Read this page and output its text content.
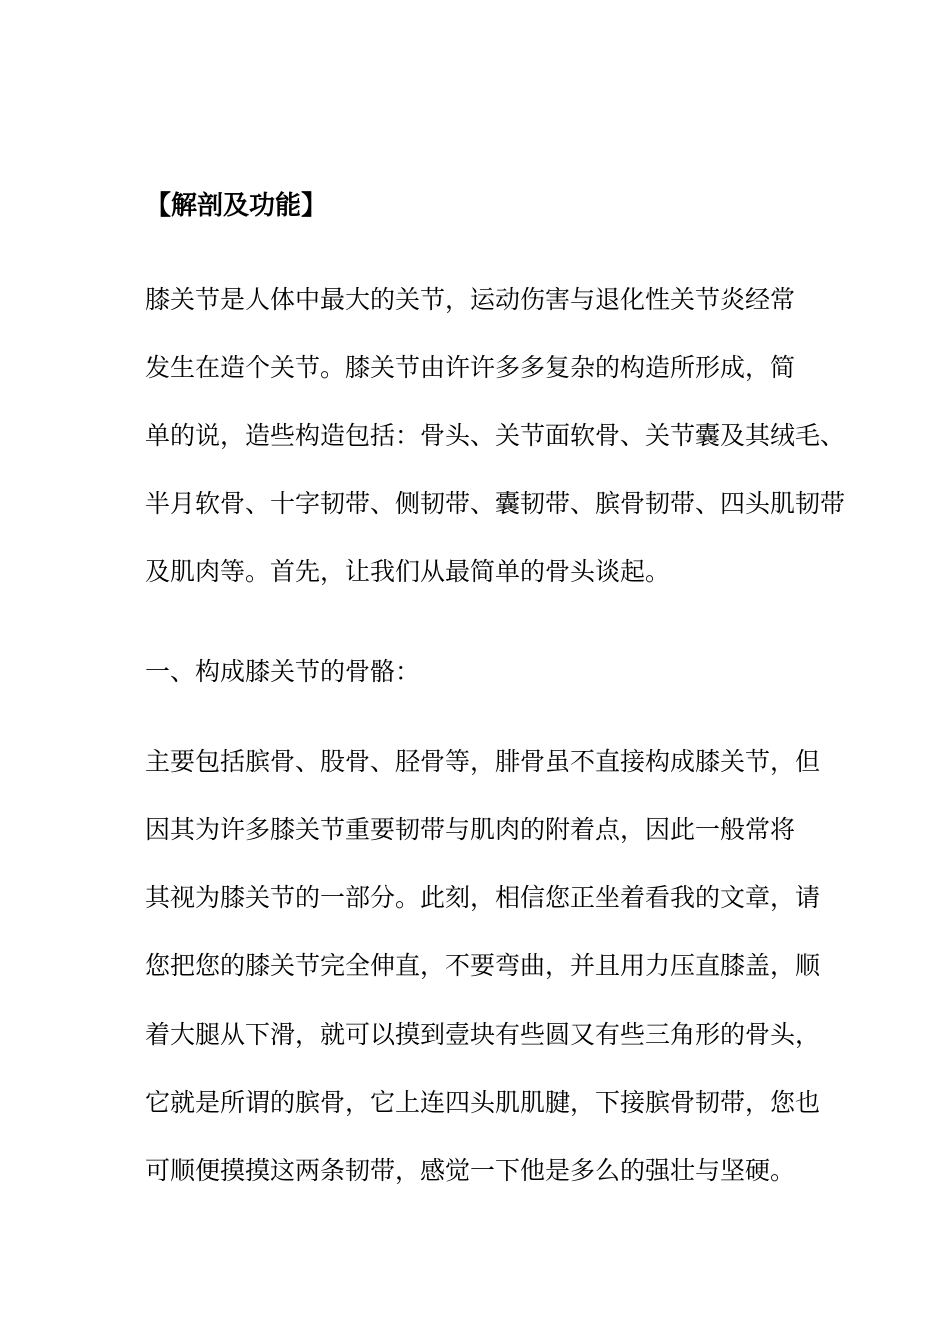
【解剖及功能】
膝关节是人体中最大的关节，运动伤害与退化性关节炎经常
发生在造个关节。膝关节由许许多多复杂的构造所形成，简
单的说，造些构造包括：骨头、关节面软骨、关节囊及其绒毛、
半月软骨、十字韧带、侧韧带、囊韧带、膑骨韧带、四头肌韧带
及肌肉等。首先，让我们从最简单的骨头谈起。
一、构成膝关节的骨骼：
主要包括膑骨、股骨、胫骨等，腓骨虽不直接构成膝关节，但
因其为许多膝关节重要韧带与肌肉的附着点，因此一般常将
其视为膝关节的一部分。此刻，相信您正坐着看我的文章，请
您把您的膝关节完全伸直，不要弯曲，并且用力压直膝盖，顺
着大腿从下滑，就可以摸到壹块有些圆又有些三角形的骨头，
它就是所谓的膑骨，它上连四头肌肌腱，下接膑骨韧带，您也
可顺便摸摸这两条韧带，感觉一下他是多么的强壮与坚硬。
